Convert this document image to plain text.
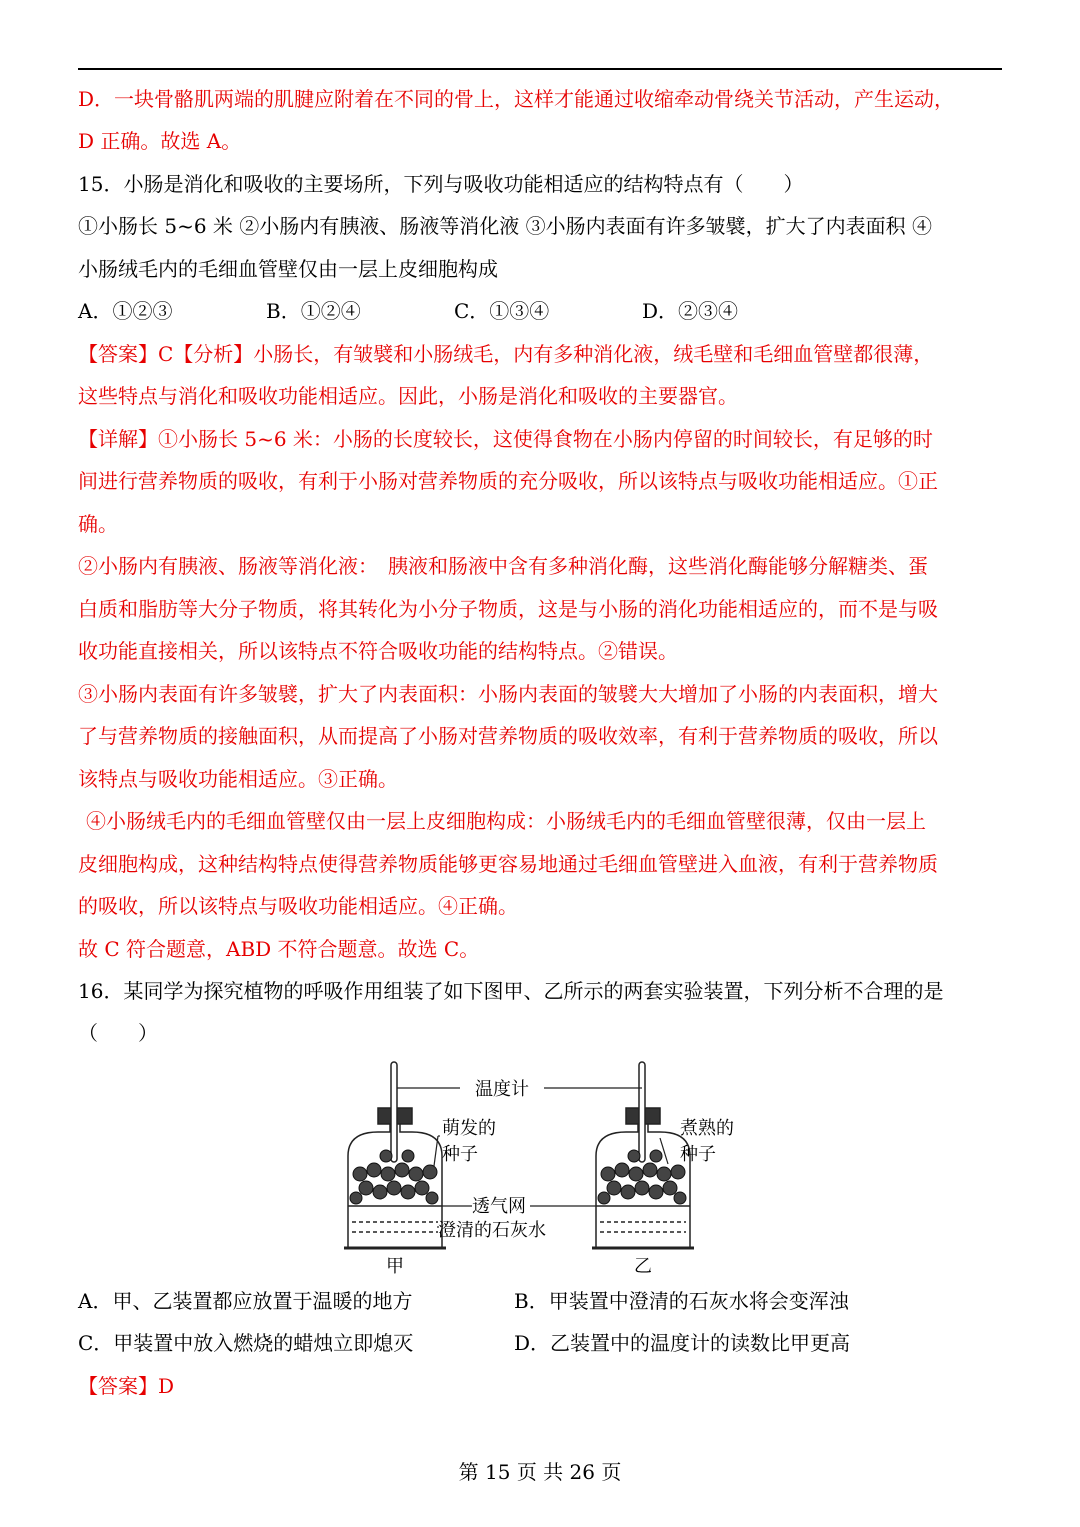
D．一块骨骼肌两端的肌腱应附着在不同的骨上，这样才能通过收缩牵动骨绕关节活动，产生运动，
D 正确。故选 A。
15．小肠是消化和吸收的主要场所，下列与吸收功能相适应的结构特点有（　　）
①小肠长 5~6 米 ②小肠内有胰液、肠液等消化液 ③小肠内表面有许多皱襞，扩大了内表面积 ④
小肠绒毛内的毛细血管壁仅由一层上皮细胞构成
A．①②③	B．①②④	C．①③④	D．②③④
【答案】C【分析】小肠长，有皱襞和小肠绒毛，内有多种消化液，绒毛壁和毛细血管壁都很薄，
这些特点与消化和吸收功能相适应。因此，小肠是消化和吸收的主要器官。
【详解】①小肠长 5~6 米：小肠的长度较长，这使得食物在小肠内停留的时间较长，有足够的时
间进行营养物质的吸收，有利于小肠对营养物质的充分吸收，所以该特点与吸收功能相适应。①正
确。
②小肠内有胰液、肠液等消化液：　胰液和肠液中含有多种消化酶，这些消化酶能够分解糖类、蛋
白质和脂肪等大分子物质，将其转化为小分子物质，这是与小肠的消化功能相适应的，而不是与吸
收功能直接相关，所以该特点不符合吸收功能的结构特点。②错误。
③小肠内表面有许多皱襞，扩大了内表面积：小肠内表面的皱襞大大增加了小肠的内表面积，增大
了与营养物质的接触面积，从而提高了小肠对营养物质的吸收效率，有利于营养物质的吸收，所以
该特点与吸收功能相适应。③正确。
④小肠绒毛内的毛细血管壁仅由一层上皮细胞构成：小肠绒毛内的毛细血管壁很薄，仅由一层上
皮细胞构成，这种结构特点使得营养物质能够更容易地通过毛细血管壁进入血液，有利于营养物质
的吸收，所以该特点与吸收功能相适应。④正确。
故 C 符合题意，ABD 不符合题意。故选 C。
16．某同学为探究植物的呼吸作用组装了如下图甲、乙所示的两套实验装置，下列分析不合理的是
（　　）
温度计
萌发的
种子
煮熟的
种子
透气网
澄清的石灰水
甲	乙
A．甲、乙装置都应放置于温暖的地方	B．甲装置中澄清的石灰水将会变浑浊
C．甲装置中放入燃烧的蜡烛立即熄灭	D．乙装置中的温度计的读数比甲更高
【答案】D
第 15 页 共 26 页
